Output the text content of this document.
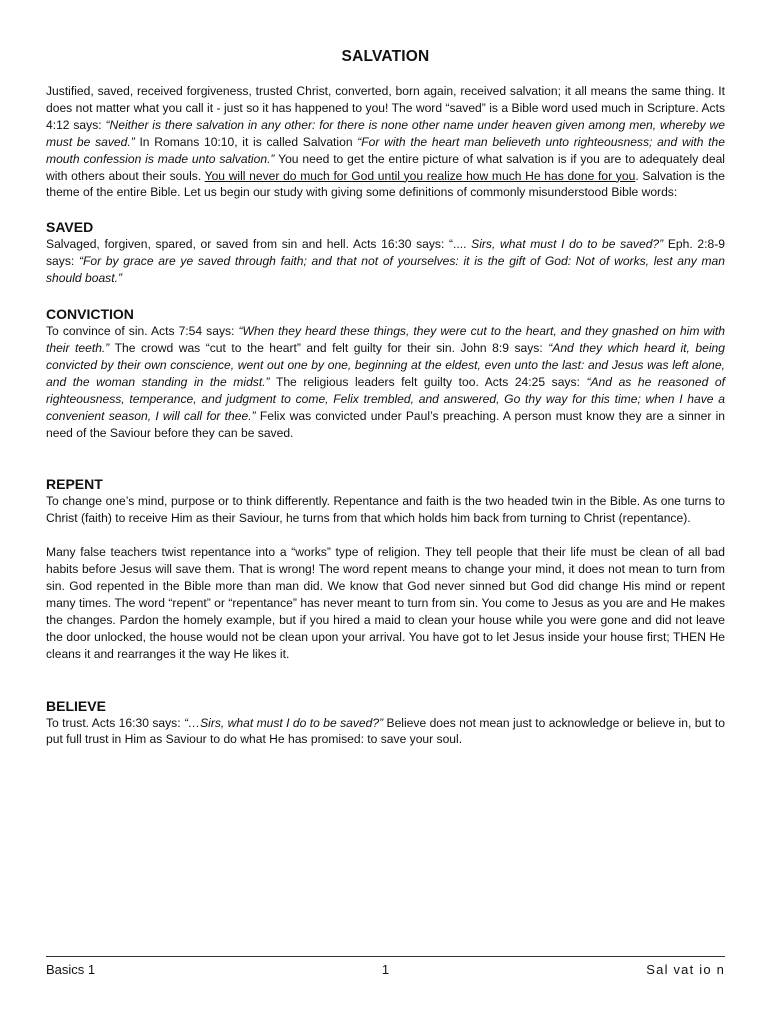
SALVATION

Justified, saved, received forgiveness, trusted Christ, converted, born again, received salvation; it all means the same thing. It does not matter what you call it - just so it has happened to you! The word “saved” is a Bible word used much in Scripture. Acts 4:12 says: “Neither is there salvation in any other: for there is none other name under heaven given among men, whereby we must be saved.” In Romans 10:10, it is called Salvation “For with the heart man believeth unto righteousness; and with the mouth confession is made unto salvation.” You need to get the entire picture of what salvation is if you are to adequately deal with others about their souls. You will never do much for God until you realize how much He has done for you. Salvation is the theme of the entire Bible. Let us begin our study with giving some definitions of commonly misunderstood Bible words:

SAVED

Salvaged, forgiven, spared, or saved from sin and hell. Acts 16:30 says: “.... Sirs, what must I do to be saved?” Eph. 2:8-9 says: “For by grace are ye saved through faith; and that not of yourselves: it is the gift of God: Not of works, lest any man should boast.”

CONVICTION

To convince of sin. Acts 7:54 says: “When they heard these things, they were cut to the heart, and they gnashed on him with their teeth.” The crowd was “cut to the heart” and felt guilty for their sin. John 8:9 says: “And they which heard it, being convicted by their own conscience, went out one by one, beginning at the eldest, even unto the last: and Jesus was left alone, and the woman standing in the midst.” The religious leaders felt guilty too. Acts 24:25 says: “And as he reasoned of righteousness, temperance, and judgment to come, Felix trembled, and answered, Go thy way for this time; when I have a convenient season, I will call for thee.” Felix was convicted under Paul’s preaching. A person must know they are a sinner in need of the Saviour before they can be saved.

REPENT

To change one’s mind, purpose or to think differently. Repentance and faith is the two headed twin in the Bible. As one turns to Christ (faith) to receive Him as their Saviour, he turns from that which holds him back from turning to Christ (repentance).

Many false teachers twist repentance into a “works” type of religion. They tell people that their life must be clean of all bad habits before Jesus will save them. That is wrong! The word repent means to change your mind, it does not mean to turn from sin. God repented in the Bible more than man did. We know that God never sinned but God did change His mind or repent many times. The word “repent” or “repentance” has never meant to turn from sin. You come to Jesus as you are and He makes the changes. Pardon the homely example, but if you hired a maid to clean your house while you were gone and did not leave the door unlocked, the house would not be clean upon your arrival. You have got to let Jesus inside your house first; THEN He cleans it and rearranges it the way He likes it.

BELIEVE

To trust. Acts 16:30 says: “…Sirs, what must I do to be saved?” Believe does not mean just to acknowledge or believe in, but to put full trust in Him as Saviour to do what He has promised: to save your soul.

Basics 1	1	Sal vat io n
